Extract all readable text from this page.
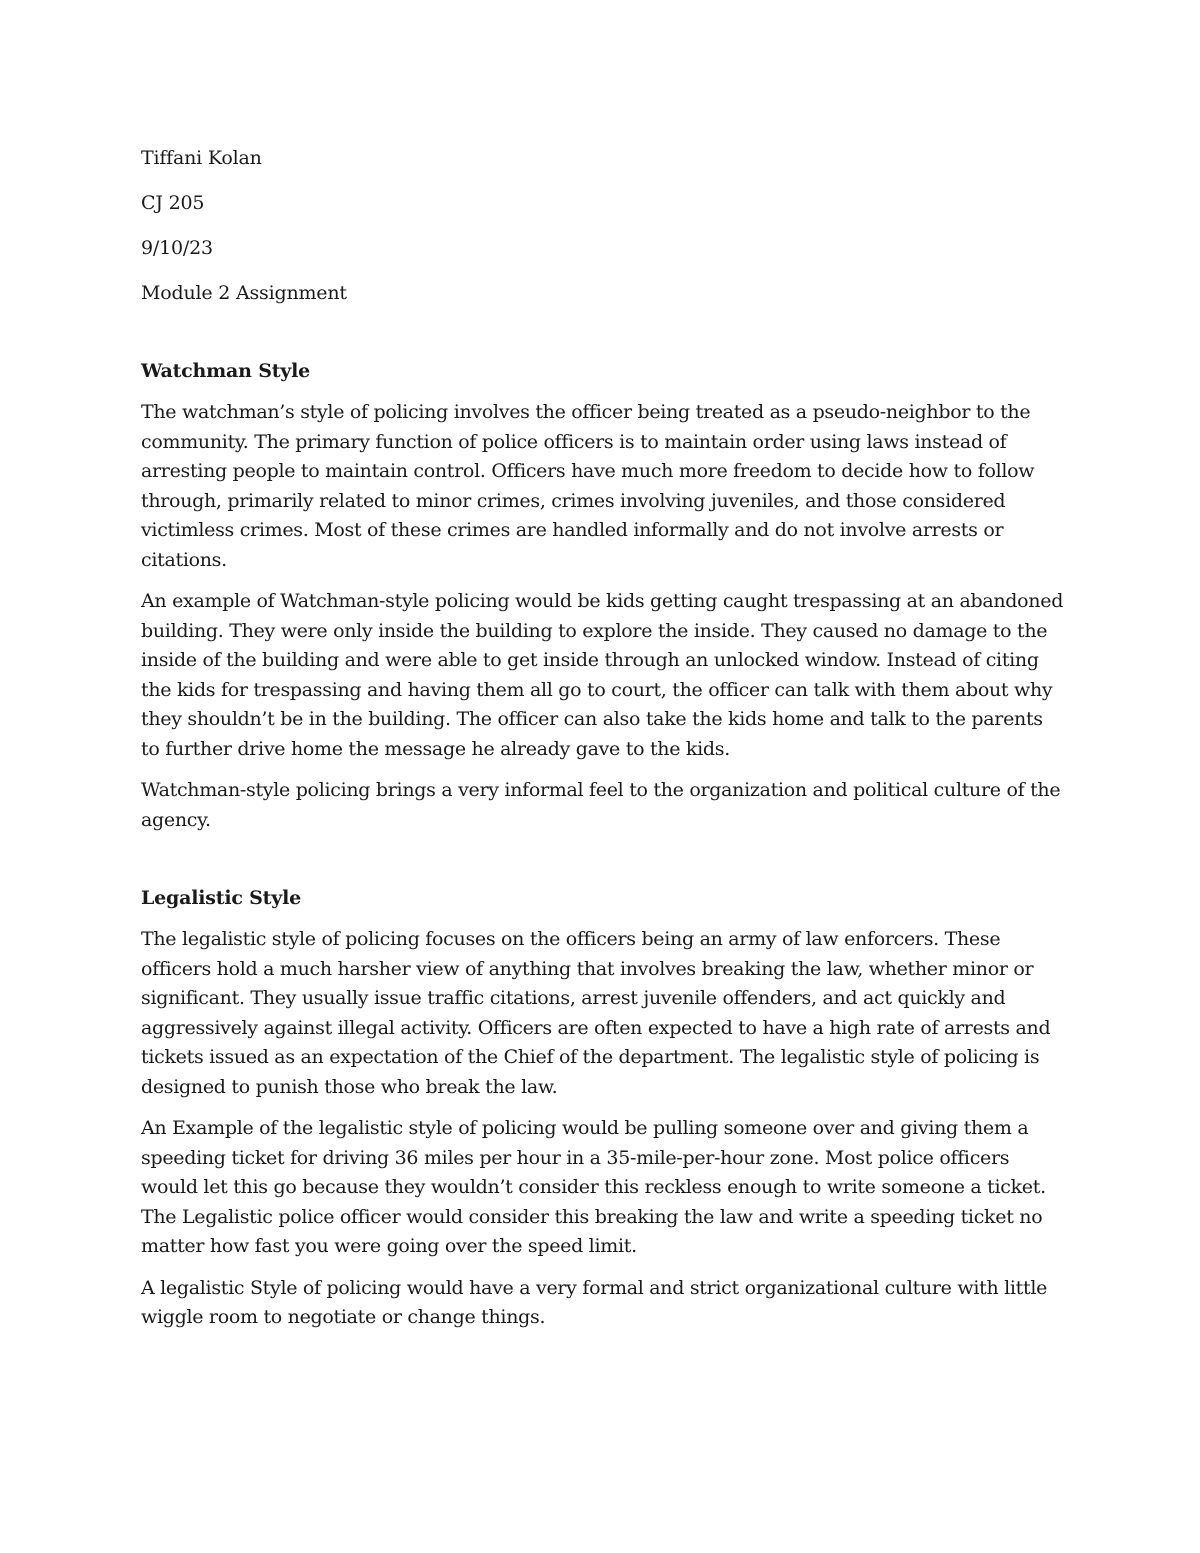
Tiffani Kolan
CJ 205
9/10/23
Module 2 Assignment
Watchman Style

The watchman’s style of policing involves the officer being treated as a pseudo-neighbor to the community. The primary function of police officers is to maintain order using laws instead of arresting people to maintain control. Officers have much more freedom to decide how to follow through, primarily related to minor crimes, crimes involving juveniles, and those considered victimless crimes. Most of these crimes are handled informally and do not involve arrests or citations.

An example of Watchman-style policing would be kids getting caught trespassing at an abandoned building. They were only inside the building to explore the inside. They caused no damage to the inside of the building and were able to get inside through an unlocked window. Instead of citing the kids for trespassing and having them all go to court, the officer can talk with them about why they shouldn’t be in the building. The officer can also take the kids home and talk to the parents to further drive home the message he already gave to the kids.

Watchman-style policing brings a very informal feel to the organization and political culture of the agency.

Legalistic Style

The legalistic style of policing focuses on the officers being an army of law enforcers. These officers hold a much harsher view of anything that involves breaking the law, whether minor or significant. They usually issue traffic citations, arrest juvenile offenders, and act quickly and aggressively against illegal activity. Officers are often expected to have a high rate of arrests and tickets issued as an expectation of the Chief of the department. The legalistic style of policing is designed to punish those who break the law.

An Example of the legalistic style of policing would be pulling someone over and giving them a speeding ticket for driving 36 miles per hour in a 35-mile-per-hour zone. Most police officers would let this go because they wouldn’t consider this reckless enough to write someone a ticket. The Legalistic police officer would consider this breaking the law and write a speeding ticket no matter how fast you were going over the speed limit.

A legalistic Style of policing would have a very formal and strict organizational culture with little wiggle room to negotiate or change things.
